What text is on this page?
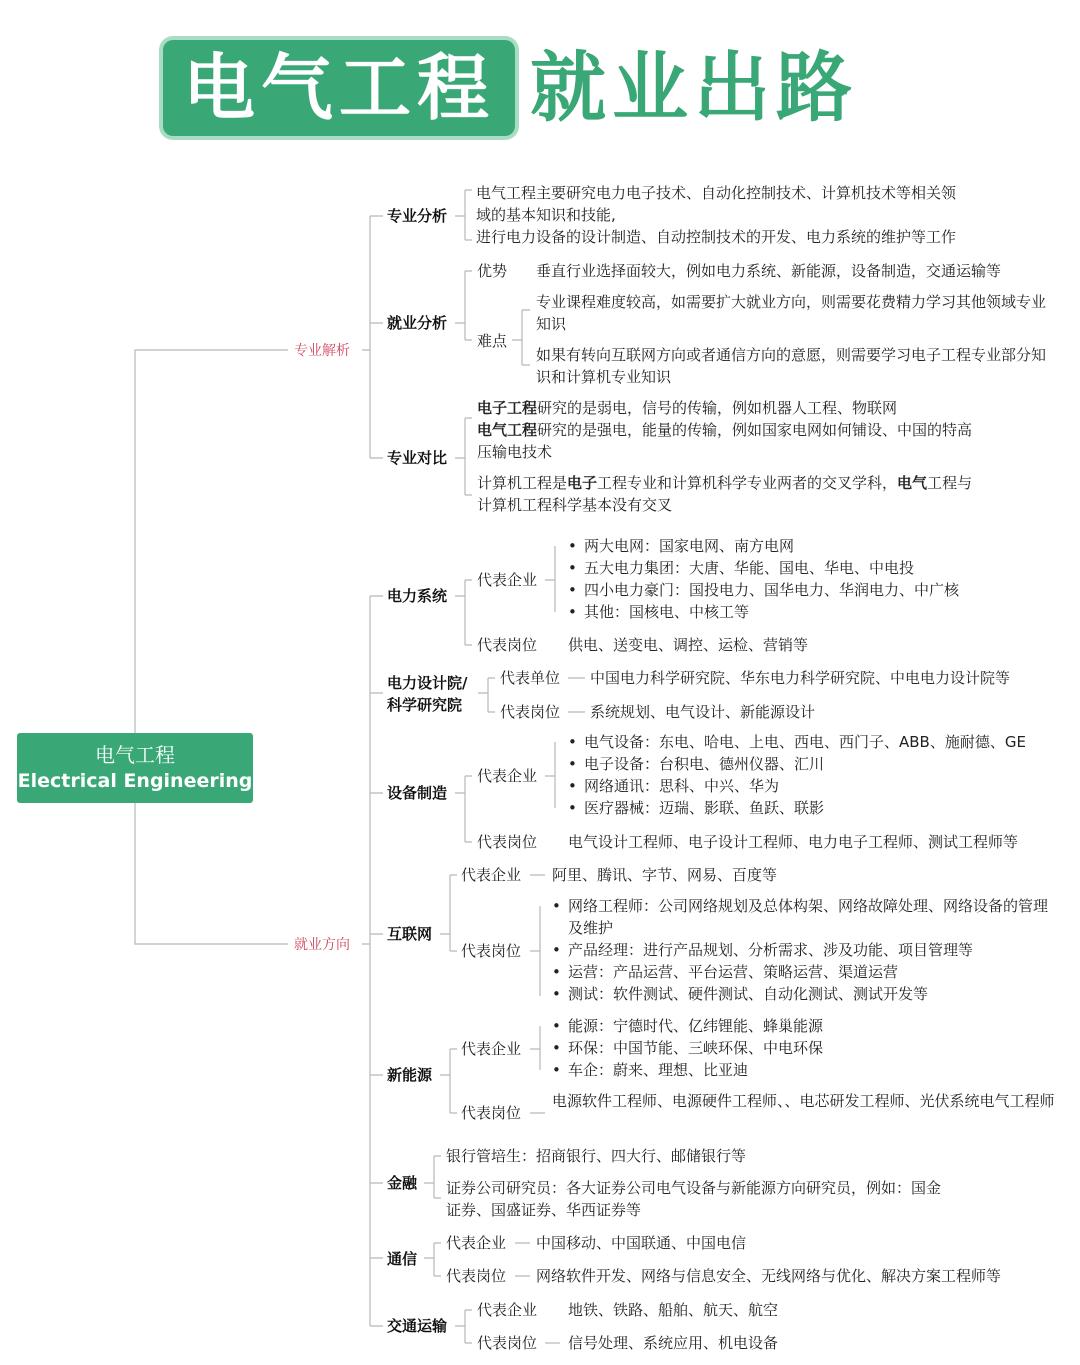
电气工程 就业出路
电气工程
Electrical Engineering
专业解析
就业方向
专业分析
电气工程主要研究电力电子技术、自动化控制技术、计算机技术等相关领
域的基本知识和技能,
进行电力设备的设计制造、自动控制技术的开发、电力系统的维护等工作
就业分析
优势 垂直行业选择面较大，例如电力系统、新能源，设备制造，交通运输等
难点
专业课程难度较高，如需要扩大就业方向，则需要花费精力学习其他领域专业知识
如果有转向互联网方向或者通信方向的意愿，则需要学习电子工程专业部分知识和计算机专业知识
专业对比
电子工程研究的是弱电，信号的传输，例如机器人工程、物联网
电气工程研究的是强电，能量的传输，例如国家电网如何铺设、中国的特高压输电技术
计算机工程是电子工程专业和计算机科学专业两者的交叉学科，电气工程与计算机工程科学基本没有交叉
电力系统
代表企业
• 两大电网：国家电网、南方电网
• 五大电力集团：大唐、华能、国电、华电、中电投
• 四小电力豪门：国投电力、国华电力、华润电力、中广核
• 其他：国核电、中核工等
代表岗位 供电、送变电、调控、运检、营销等
电力设计院/
科学研究院
代表单位 中国电力科学研究院、华东电力科学研究院、中电电力设计院等
代表岗位 系统规划、电气设计、新能源设计
设备制造
代表企业
• 电气设备：东电、哈电、上电、西电、西门子、ABB、施耐德、GE
• 电子设备：台积电、德州仪器、汇川
• 网络通讯：思科、中兴、华为
• 医疗器械：迈瑞、影联、鱼跃、联影
代表岗位 电气设计工程师、电子设计工程师、电力电子工程师、测试工程师等
互联网
代表企业 阿里、腾讯、字节、网易、百度等
代表岗位
• 网络工程师：公司网络规划及总体构架、网络故障处理、网络设备的管理及维护
• 产品经理：进行产品规划、分析需求、涉及功能、项目管理等
• 运营：产品运营、平台运营、策略运营、渠道运营
• 测试：软件测试、硬件测试、自动化测试、测试开发等
新能源
代表企业
• 能源：宁德时代、亿纬锂能、蜂巢能源
• 环保：中国节能、三峡环保、中电环保
• 车企：蔚来、理想、比亚迪
代表岗位
电源软件工程师、电源硬件工程师、、电芯研发工程师、光伏系统电气工程师
金融
银行管培生：招商银行、四大行、邮储银行等
证券公司研究员：各大证券公司电气设备与新能源方向研究员，例如：国金证券、国盛证券、华西证券等
通信
代表企业 中国移动、中国联通、中国电信
代表岗位 网络软件开发、网络与信息安全、无线网络与优化、解决方案工程师等
交通运输
代表企业 地铁、铁路、船舶、航天、航空
代表岗位 信号处理、系统应用、机电设备
